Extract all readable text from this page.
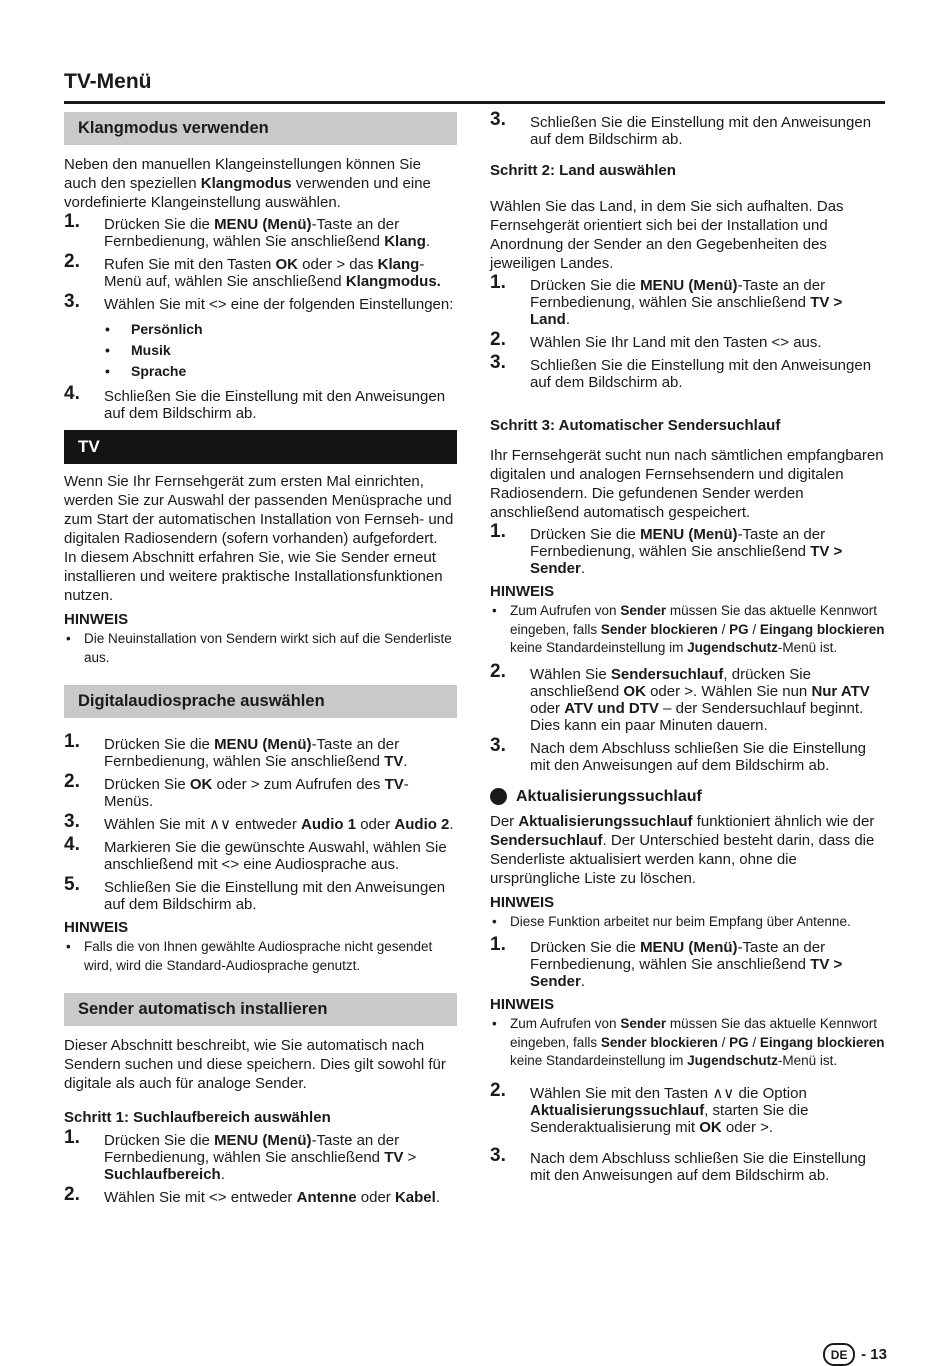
TV-Menü
Klangmodus verwenden

Neben den manuellen Klangeinstellungen können Sie auch den speziellen Klangmodus verwenden und eine vordefinierte Klangeinstellung auswählen.

1. Drücken Sie die MENU (Menü)-Taste an der Fernbedienung, wählen Sie anschließend Klang.
2. Rufen Sie mit den Tasten OK oder > das Klang-Menü auf, wählen Sie anschließend Klangmodus.
3. Wählen Sie mit <> eine der folgenden Einstellungen:
• Persönlich
• Musik
• Sprache
4. Schließen Sie die Einstellung mit den Anweisungen auf dem Bildschirm ab.
TV

Wenn Sie Ihr Fernsehgerät zum ersten Mal einrichten, werden Sie zur Auswahl der passenden Menüsprache und zum Start der automatischen Installation von Fernseh- und digitalen Radiosendern (sofern vorhanden) aufgefordert.

In diesem Abschnitt erfahren Sie, wie Sie Sender erneut installieren und weitere praktische Installationsfunktionen nutzen.

HINWEIS
• Die Neuinstallation von Sendern wirkt sich auf die Senderliste aus.
Digitalaudiosprache auswählen
1. Drücken Sie die MENU (Menü)-Taste an der Fernbedienung, wählen Sie anschließend TV.
2. Drücken Sie OK oder > zum Aufrufen des TV-Menüs.
3. Wählen Sie mit ∧∨ entweder Audio 1 oder Audio 2.
4. Markieren Sie die gewünschte Auswahl, wählen Sie anschließend mit <> eine Audiosprache aus.
5. Schließen Sie die Einstellung mit den Anweisungen auf dem Bildschirm ab.
HINWEIS
• Falls die von Ihnen gewählte Audiosprache nicht gesendet wird, wird die Standard-Audiosprache genutzt.
Sender automatisch installieren

Dieser Abschnitt beschreibt, wie Sie automatisch nach Sendern suchen und diese speichern. Dies gilt sowohl für digitale als auch für analoge Sender.

Schritt 1: Suchlaufbereich auswählen
1. Drücken Sie die MENU (Menü)-Taste an der Fernbedienung, wählen Sie anschließend TV > Suchlaufbereich.
2. Wählen Sie mit <> entweder Antenne oder Kabel.
3. Schließen Sie die Einstellung mit den Anweisungen auf dem Bildschirm ab.
Schritt 2: Land auswählen

Wählen Sie das Land, in dem Sie sich aufhalten. Das Fernsehgerät orientiert sich bei der Installation und Anordnung der Sender an den Gegebenheiten des jeweiligen Landes.

1. Drücken Sie die MENU (Menü)-Taste an der Fernbedienung, wählen Sie anschließend TV > Land.
2. Wählen Sie Ihr Land mit den Tasten <> aus.
3. Schließen Sie die Einstellung mit den Anweisungen auf dem Bildschirm ab.
Schritt 3: Automatischer Sendersuchlauf

Ihr Fernsehgerät sucht nun nach sämtlichen empfangbaren digitalen und analogen Fernsehsendern und digitalen Radiosendern. Die gefundenen Sender werden anschließend automatisch gespeichert.

1. Drücken Sie die MENU (Menü)-Taste an der Fernbedienung, wählen Sie anschließend TV > Sender.
HINWEIS
• Zum Aufrufen von Sender müssen Sie das aktuelle Kennwort eingeben, falls Sender blockieren / PG / Eingang blockieren keine Standardeinstellung im Jugendschutz-Menü ist.
2. Wählen Sie Sendersuchlauf, drücken Sie anschließend OK oder >. Wählen Sie nun Nur ATV oder ATV und DTV – der Sendersuchlauf beginnt. Dies kann ein paar Minuten dauern.
3. Nach dem Abschluss schließen Sie die Einstellung mit den Anweisungen auf dem Bildschirm ab.
Aktualisierungssuchlauf

Der Aktualisierungssuchlauf funktioniert ähnlich wie der Sendersuchlauf. Der Unterschied besteht darin, dass die Senderliste aktualisiert werden kann, ohne die ursprüngliche Liste zu löschen.

HINWEIS
• Diese Funktion arbeitet nur beim Empfang über Antenne.
1. Drücken Sie die MENU (Menü)-Taste an der Fernbedienung, wählen Sie anschließend TV > Sender.
HINWEIS
• Zum Aufrufen von Sender müssen Sie das aktuelle Kennwort eingeben, falls Sender blockieren / PG / Eingang blockieren keine Standardeinstellung im Jugendschutz-Menü ist.
2. Wählen Sie mit den Tasten ∧∨ die Option Aktualisierungssuchlauf, starten Sie die Senderaktualisierung mit OK oder >.
3. Nach dem Abschluss schließen Sie die Einstellung mit den Anweisungen auf dem Bildschirm ab.
DE - 13
